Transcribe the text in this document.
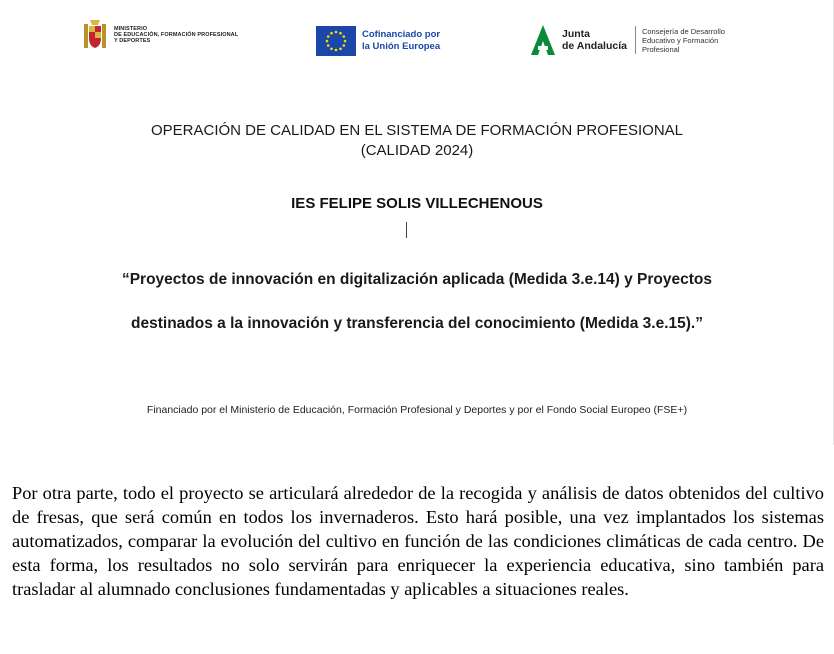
MINISTERIO
DE EDUCACIÓN, FORMACIÓN PROFESIONAL
Y DEPORTES
Cofinanciado por
la Unión Europea
Junta
de Andalucía
Consejería de Desarrollo
Educativo y Formación
Profesional
OPERACIÓN DE CALIDAD EN EL SISTEMA DE FORMACIÓN PROFESIONAL
(CALIDAD 2024)
IES FELIPE SOLIS VILLECHENOUS
“Proyectos de innovación en digitalización aplicada (Medida 3.e.14) y Proyectos
destinados a la innovación y transferencia del conocimiento (Medida 3.e.15).”
Financiado por el Ministerio de Educación, Formación Profesional y Deportes y por el Fondo Social Europeo (FSE+)
Por otra parte, todo el proyecto se articulará alrededor de la recogida y análisis de datos obtenidos del cultivo de fresas, que será común en todos los invernaderos. Esto hará posible, una vez implantados los sistemas automatizados, comparar la evolución del cultivo en función de las condiciones climáticas de cada centro. De esta forma, los resultados no solo servirán para enriquecer la experiencia educativa, sino también para trasladar al alumnado conclusiones fundamentadas y aplicables a situaciones reales.
